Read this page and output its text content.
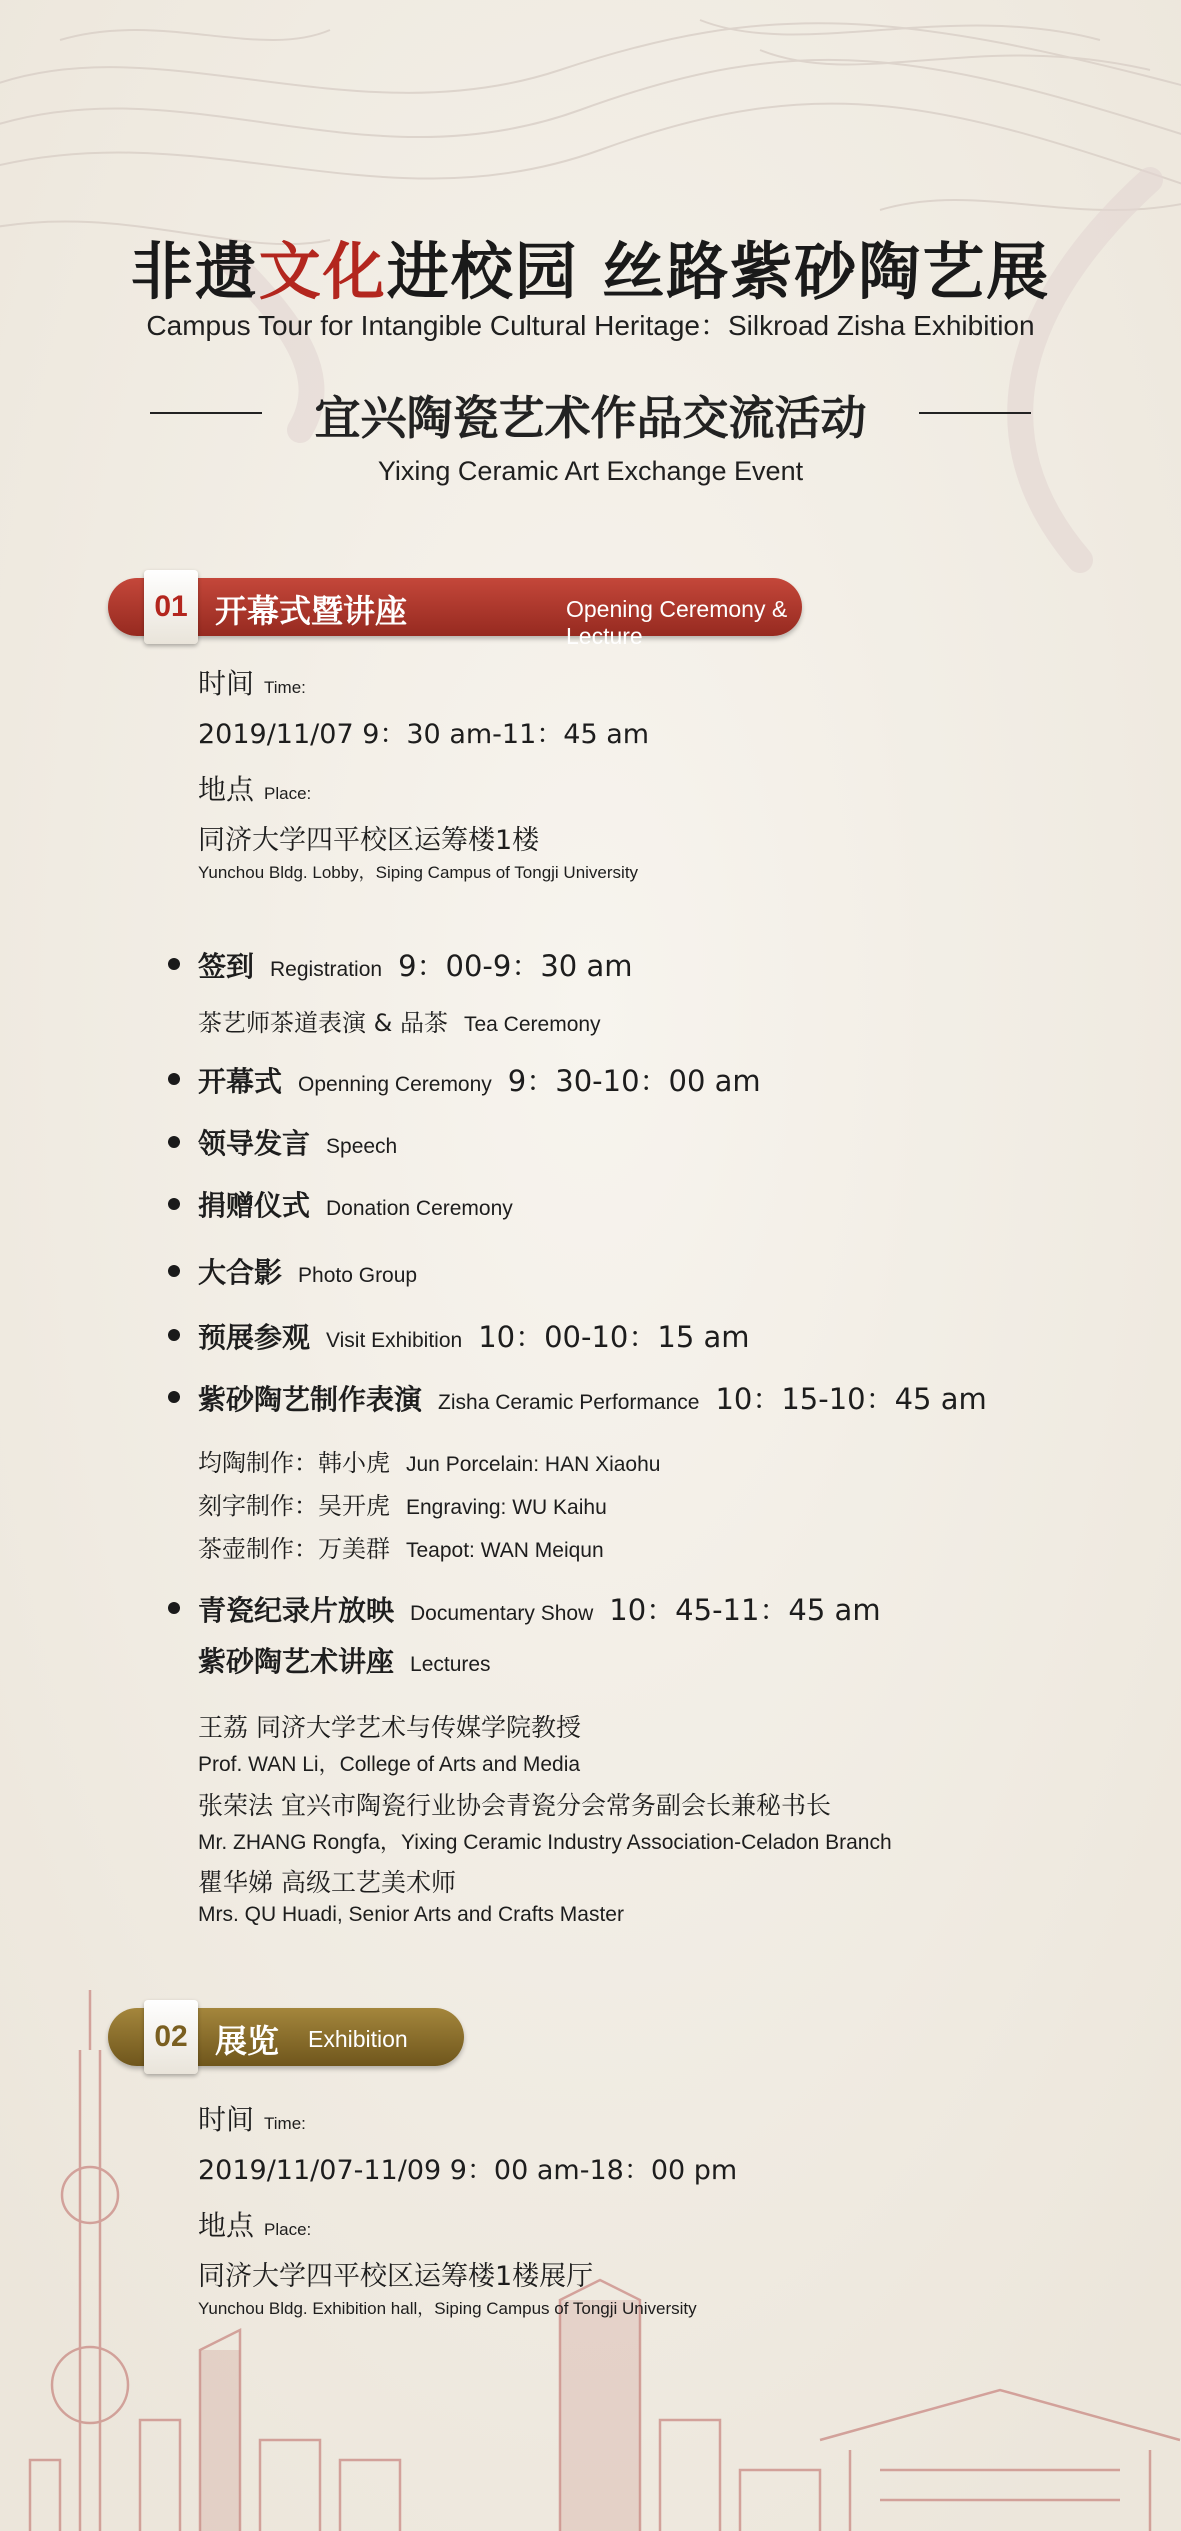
非遗文化进校园 丝路紫砂陶艺展
Campus Tour for Intangible Cultural Heritage：Silkroad Zisha Exhibition
宜兴陶瓷艺术作品交流活动
Yixing Ceramic Art Exchange Event
01 开幕式暨讲座	Opening Ceremony & Lecture
时间 Time:
2019/11/07 9：30 am-11：45 am
地点 Place:
同济大学四平校区运筹楼1楼
Yunchou Bldg. Lobby，Siping Campus of Tongji University
签到 Registration 9：00-9：30 am
茶艺师茶道表演 & 品茶 Tea Ceremony
开幕式 Openning Ceremony 9：30-10：00 am
领导发言 Speech
捐赠仪式 Donation Ceremony
大合影 Photo Group
预展参观 Visit Exhibition 10：00-10：15 am
紫砂陶艺制作表演 Zisha Ceramic Performance 10：15-10：45 am
均陶制作：韩小虎 Jun Porcelain: HAN Xiaohu
刻字制作：吴开虎 Engraving: WU Kaihu
茶壶制作：万美群 Teapot: WAN Meiqun
青瓷纪录片放映 Documentary Show 10：45-11：45 am
紫砂陶艺术讲座 Lectures
王荔 同济大学艺术与传媒学院教授
Prof. WAN Li，College of Arts and Media
张荣法 宜兴市陶瓷行业协会青瓷分会常务副会长兼秘书长
Mr. ZHANG Rongfa，Yixing Ceramic Industry Association-Celadon Branch
瞿华娣 高级工艺美术师
Mrs. QU Huadi, Senior Arts and Crafts Master
02 展览 Exhibition
时间 Time:
2019/11/07-11/09 9：00 am-18：00 pm
地点 Place:
同济大学四平校区运筹楼1楼展厅
Yunchou Bldg. Exhibition hall，Siping Campus of Tongji University
